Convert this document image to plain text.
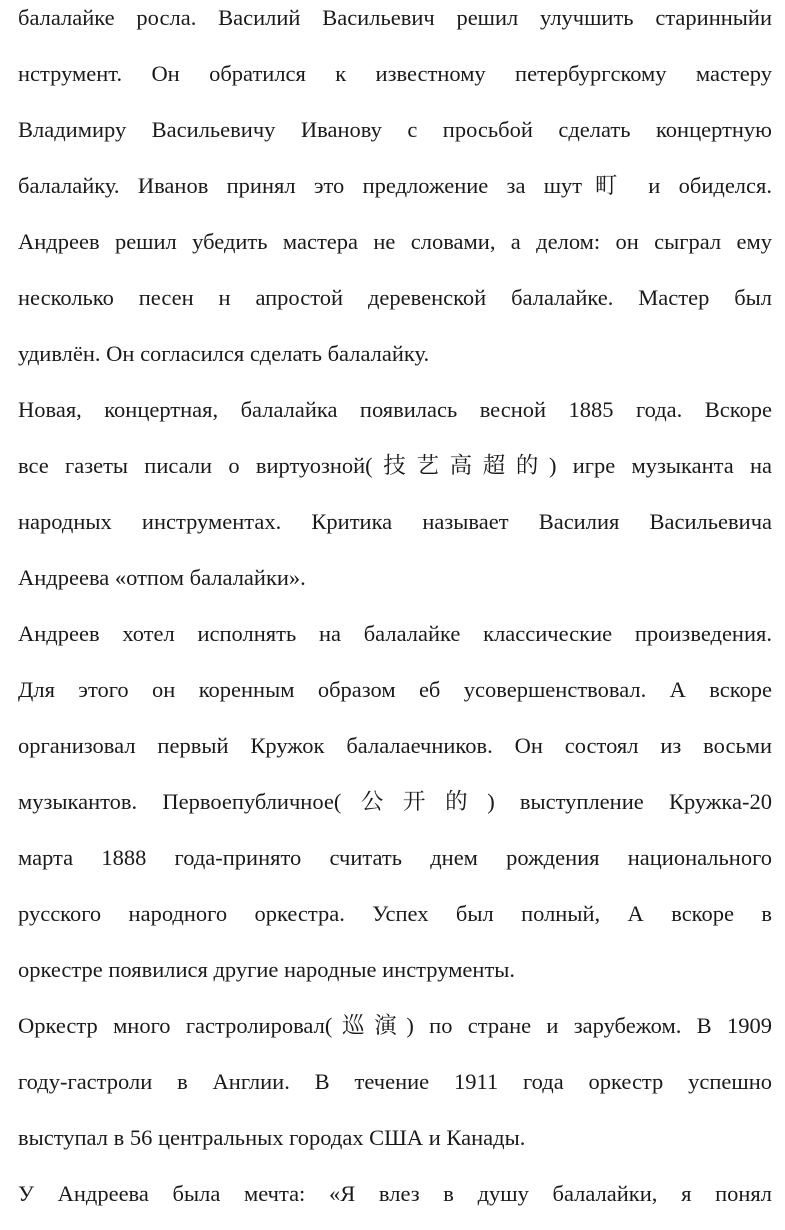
балалайке росла. Василий Васильевич решил улучшить старинныйи
нструмент. Он обратился к известному петербургскому мастеру
Владимиру Васильевичу Иванову с просьбой сделать концертную
балалайку. Иванов принял это предложение за шут町 и обиделся.
Андреев решил убедить мастера не словами, а делом: он сыграл ему
несколько песен н апростой деревенской балалайке. Мастер был
удивлён. Он согласился сделать балалайку.
Новая, концертная, балалайка появилась весной 1885 года. Вскоре
все газеты писали о виртуозной(技艺高超的) игре музыканта на
народных инструментах. Критика называет Василия Васильевича
Андреева «отпом балалайки».
Андреев хотел исполнять на балалайке классические произведения.
Для этого он коренным образом еб усовершенствовал. А вскоре
организовал первый Кружок балалаечников. Он состоял из восьми
музыкантов. Первоепубличное(公开的) выступление Кружка-20
марта 1888 года-принято считать днем рождения национального
русского народного оркестра. Успех был полный, А вскоре в
оркестре появилися другие народные инструменты.
Оркестр много гастролировал(巡演) по стране и зарубежом. В 1909
году-гастроли в Англии. В течение 1911 года оркестр успешно
выступал в 56 центральных городах США и Канады.
У Андреева была мечта: «Я влез в душу балалайки, я понял
